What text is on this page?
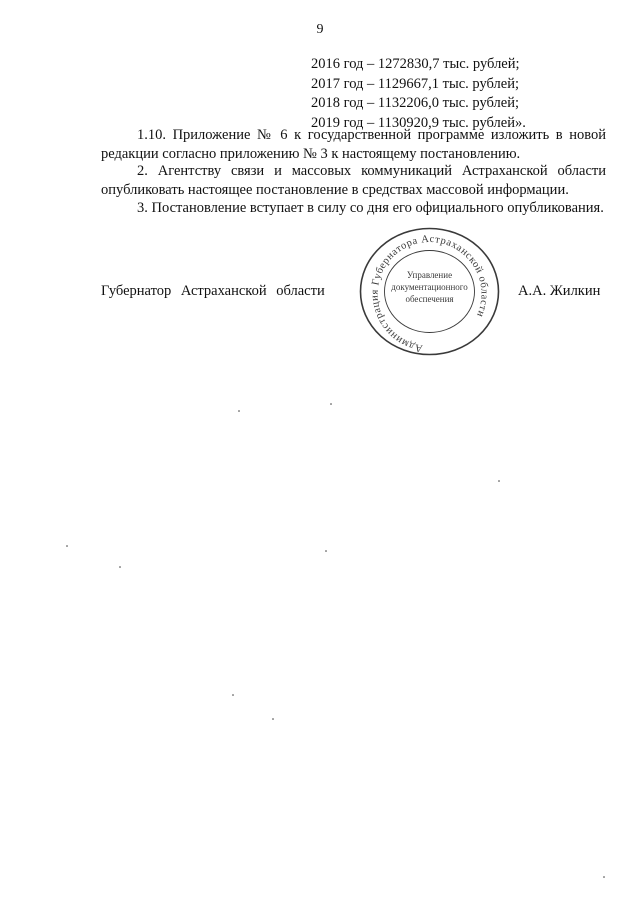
9
2016 год – 1272830,7 тыс. рублей;
2017 год – 1129667,1 тыс. рублей;
2018 год – 1132206,0 тыс. рублей;
2019 год – 1130920,9 тыс. рублей».
1.10. Приложение № 6 к государственной программе изложить в новой редакции согласно приложению № 3 к настоящему постановлению.
2. Агентству связи и массовых коммуникаций Астраханской области опубликовать настоящее постановление в средствах массовой информации.
3. Постановление вступает в силу со дня его официального опубликования.
Губернатор Астраханской области	А.А. Жилкин
Администрация Губернатора Астраханской области
Управление
документационного
обеспечения
